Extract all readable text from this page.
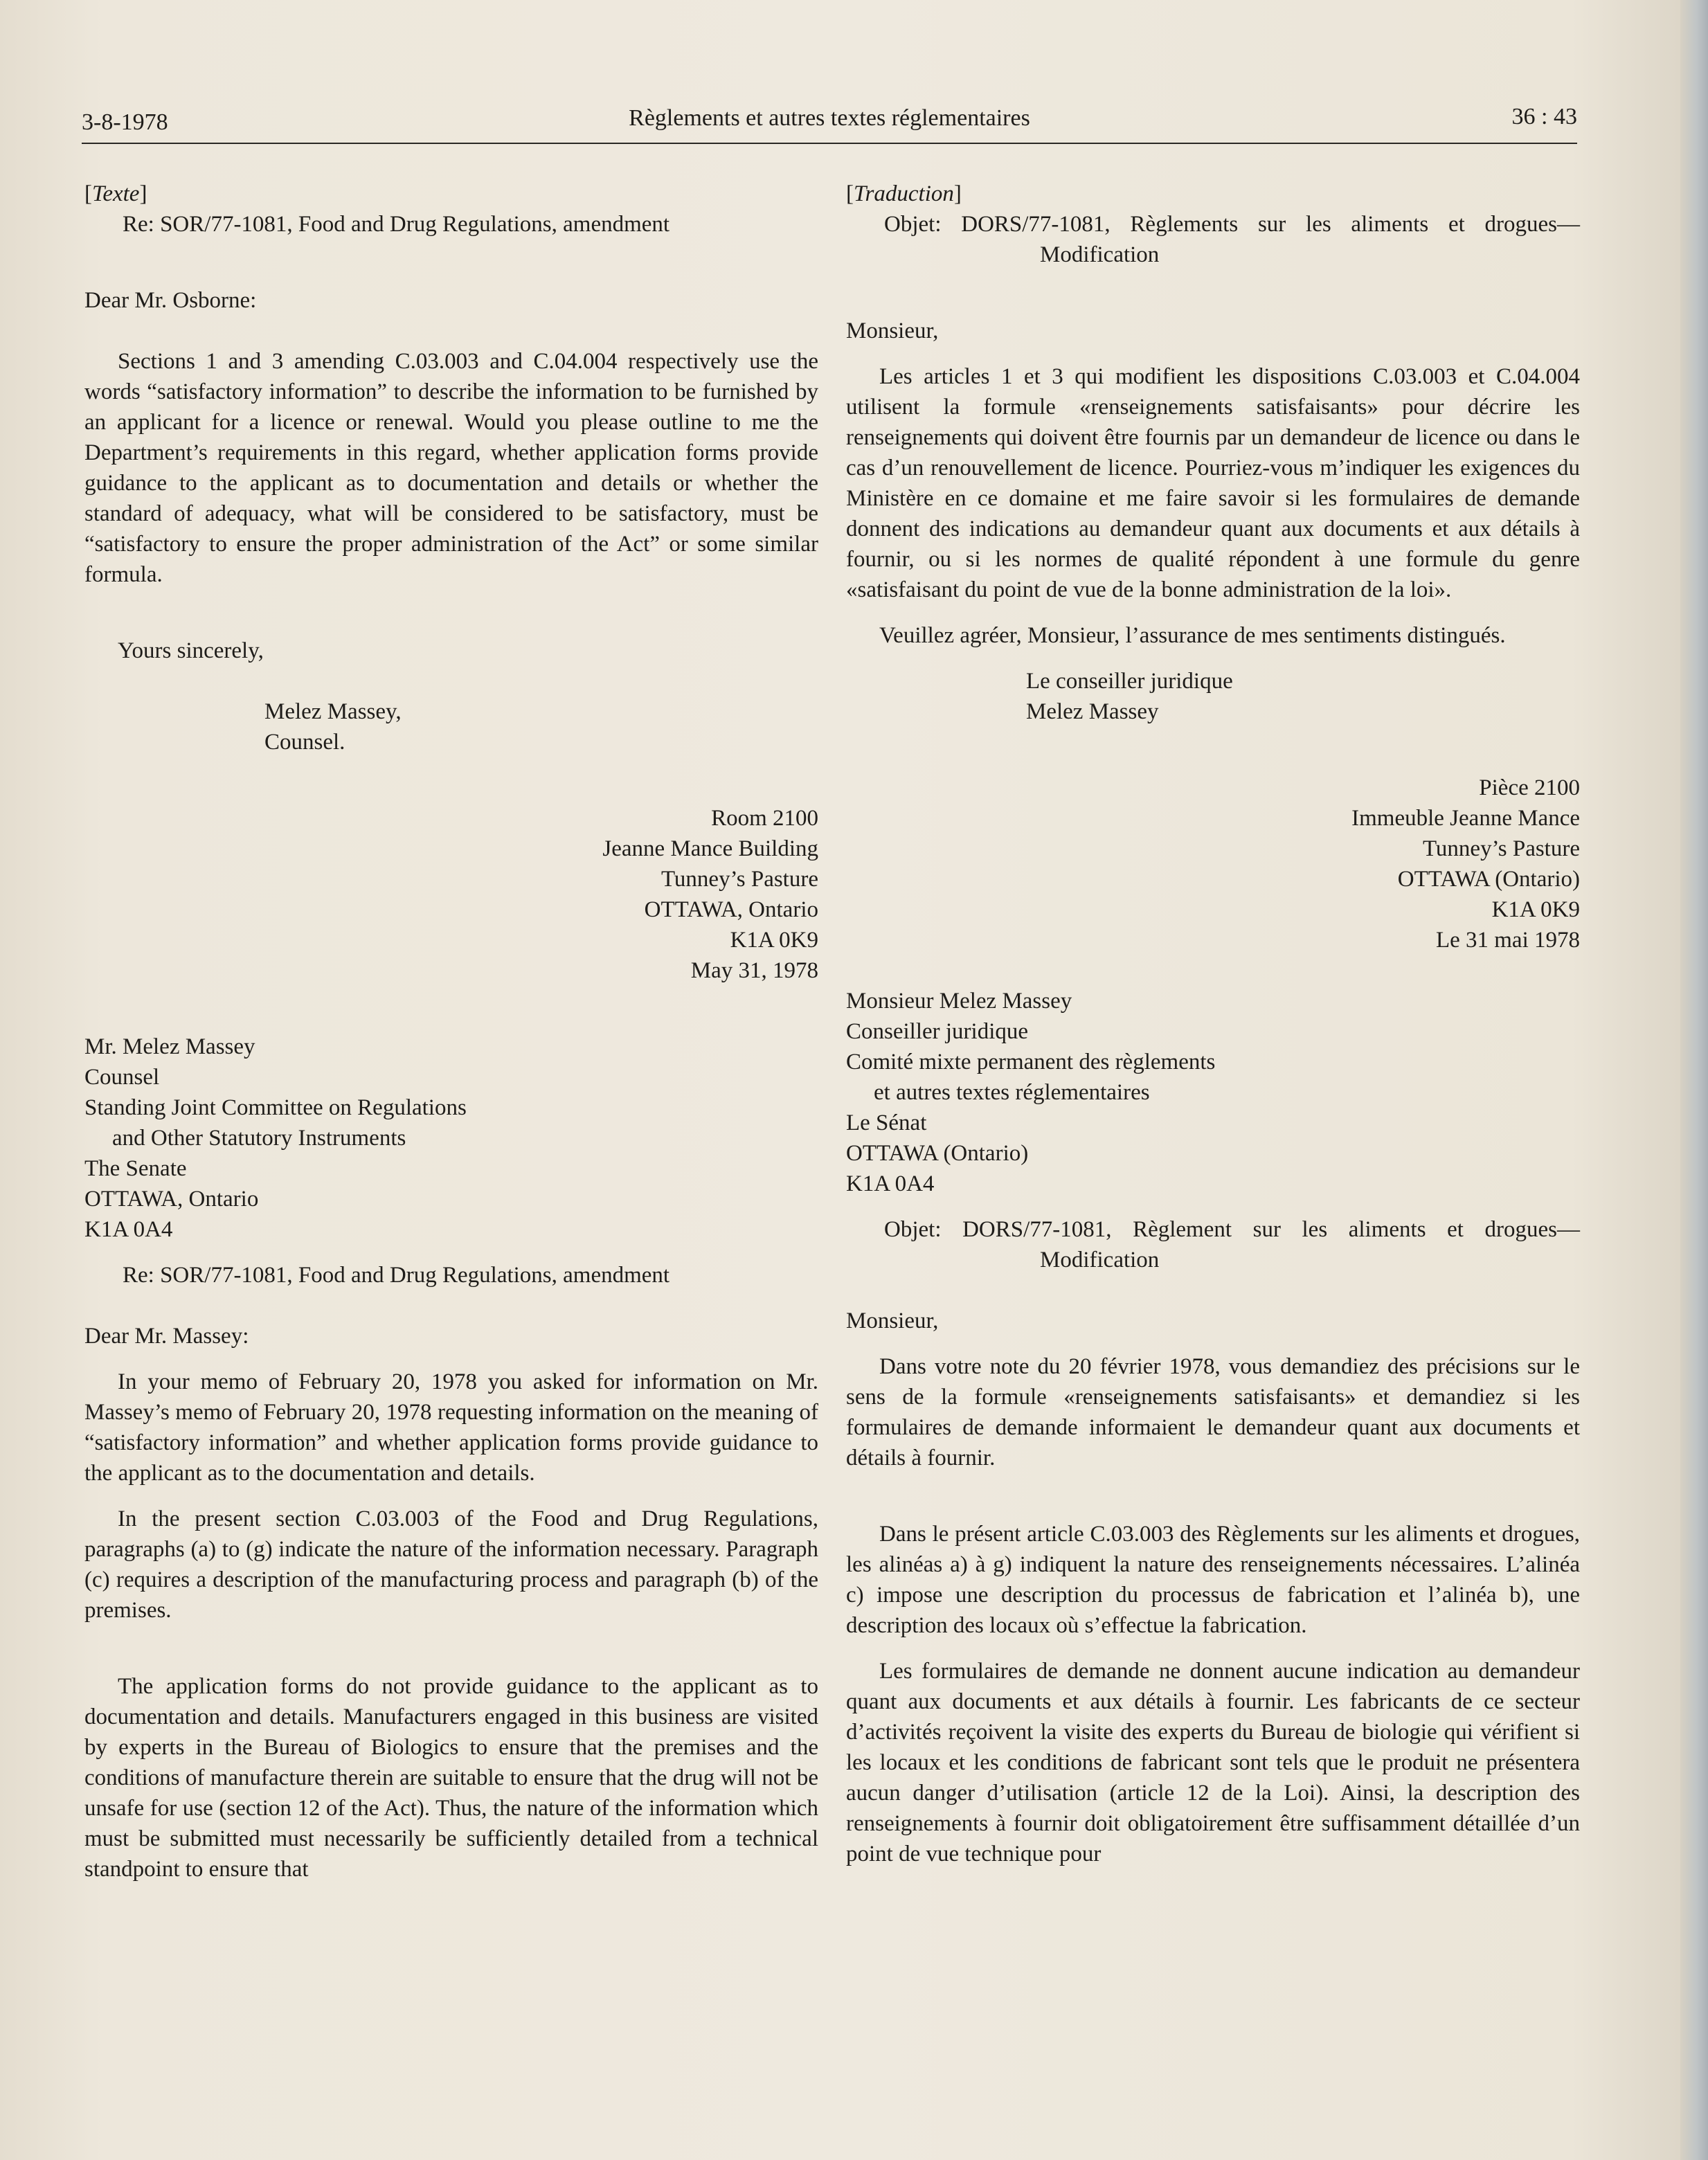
3-8-1978	Règlements et autres textes réglementaires	36 : 43

[Texte]

Re: SOR/77-1081, Food and Drug Regulations, amendment

Dear Mr. Osborne:

Sections 1 and 3 amending C.03.003 and C.04.004 respectively use the words “satisfactory information” to describe the information to be furnished by an applicant for a licence or renewal. Would you please outline to me the Department’s requirements in this regard, whether application forms provide guidance to the applicant as to documentation and details or whether the standard of adequacy, what will be considered to be satisfactory, must be “satisfactory to ensure the proper administration of the Act” or some similar formula.

Yours sincerely,

Melez Massey,

Counsel.

Room 2100
Jeanne Mance Building
Tunney’s Pasture
OTTAWA, Ontario
K1A 0K9
May 31, 1978
Mr. Melez Massey
Counsel
Standing Joint Committee on Regulations
and Other Statutory Instruments
The Senate
OTTAWA, Ontario
K1A 0A4

Re: SOR/77-1081, Food and Drug Regulations, amendment

Dear Mr. Massey:

In your memo of February 20, 1978 you asked for information on Mr. Massey’s memo of February 20, 1978 requesting information on the meaning of “satisfactory information” and whether application forms provide guidance to the applicant as to the documentation and details.

In the present section C.03.003 of the Food and Drug Regulations, paragraphs (a) to (g) indicate the nature of the information necessary. Paragraph (c) requires a description of the manufacturing process and paragraph (b) of the premises.

The application forms do not provide guidance to the applicant as to documentation and details. Manufacturers engaged in this business are visited by experts in the Bureau of Biologics to ensure that the premises and the conditions of manufacture therein are suitable to ensure that the drug will not be unsafe for use (section 12 of the Act). Thus, the nature of the information which must be submitted must necessarily be sufficiently detailed from a technical standpoint to ensure that

[Traduction]

Objet: DORS/77-1081, Règlements sur les aliments et drogues—Modification

Monsieur,

Les articles 1 et 3 qui modifient les dispositions C.03.003 et C.04.004 utilisent la formule «renseignements satisfaisants» pour décrire les renseignements qui doivent être fournis par un demandeur de licence ou dans le cas d’un renouvellement de licence. Pourriez-vous m’indiquer les exigences du Ministère en ce domaine et me faire savoir si les formulaires de demande donnent des indications au demandeur quant aux documents et aux détails à fournir, ou si les normes de qualité répondent à une formule du genre «satisfaisant du point de vue de la bonne administration de la loi».

Veuillez agréer, Monsieur, l’assurance de mes sentiments distingués.

Le conseiller juridique

Melez Massey

Pièce 2100
Immeuble Jeanne Mance
Tunney’s Pasture
OTTAWA (Ontario)
K1A 0K9
Le 31 mai 1978
Monsieur Melez Massey
Conseiller juridique
Comité mixte permanent des règlements
et autres textes réglementaires
Le Sénat
OTTAWA (Ontario)
K1A 0A4

Objet: DORS/77-1081, Règlement sur les aliments et drogues—Modification

Monsieur,

Dans votre note du 20 février 1978, vous demandiez des précisions sur le sens de la formule «renseignements satisfaisants» et demandiez si les formulaires de demande informaient le demandeur quant aux documents et détails à fournir.

Dans le présent article C.03.003 des Règlements sur les aliments et drogues, les alinéas a) à g) indiquent la nature des renseignements nécessaires. L’alinéa c) impose une description du processus de fabrication et l’alinéa b), une description des locaux où s’effectue la fabrication.

Les formulaires de demande ne donnent aucune indication au demandeur quant aux documents et aux détails à fournir. Les fabricants de ce secteur d’activités reçoivent la visite des experts du Bureau de biologie qui vérifient si les locaux et les conditions de fabricant sont tels que le produit ne présentera aucun danger d’utilisation (article 12 de la Loi). Ainsi, la description des renseignements à fournir doit obligatoirement être suffisamment détaillée d’un point de vue technique pour
